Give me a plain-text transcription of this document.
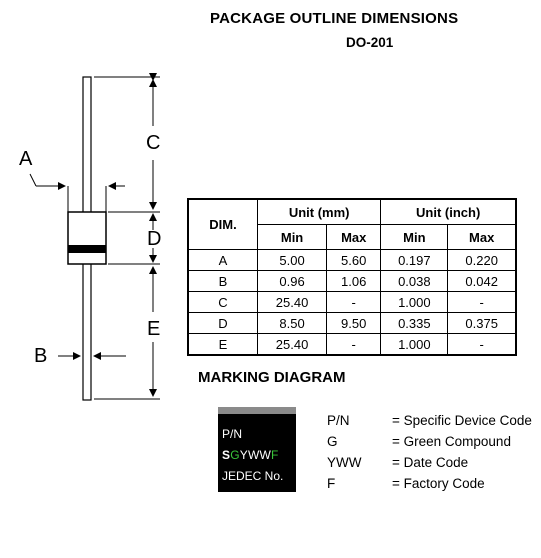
PACKAGE OUTLINE DIMENSIONS
DO-201
C
D
E
A
B
DIM.	Unit (mm)		Unit (inch)	
	Min	Max	Min	Max
A	5.00	5.60	0.197	0.220
B	0.96	1.06	0.038	0.042
C	25.40	-	1.000	-
D	8.50	9.50	0.335	0.375
E	25.40	-	1.000	-
MARKING DIAGRAM
P/N
SGYWWF
JEDEC No.
P/N	= Specific Device Code
G	= Green Compound
YWW = Date Code
F	= Factory Code
